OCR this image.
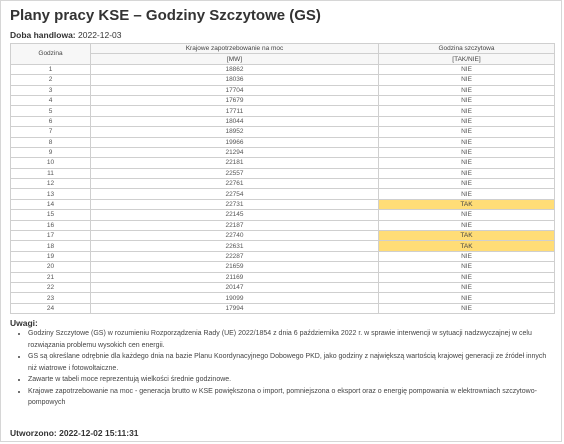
Plany pracy KSE – Godziny Szczytowe (GS)
Doba handlowa: 2022-12-03
Godzina	Krajowe zapotrzebowanie na moc	Godzina szczytowa
	[MW]	[TAK/NIE]
1	18862	NIE
2	18036	NIE
3	17704	NIE
4	17679	NIE
5	17711	NIE
6	18044	NIE
7	18952	NIE
8	19966	NIE
9	21294	NIE
10	22181	NIE
11	22557	NIE
12	22761	NIE
13	22754	NIE
14	22731	TAK
15	22145	NIE
16	22187	NIE
17	22740	TAK
18	22631	TAK
19	22287	NIE
20	21659	NIE
21	21169	NIE
22	20147	NIE
23	19099	NIE
24	17994	NIE
Uwagi:
• Godziny Szczytowe (GS) w rozumieniu Rozporządzenia Rady (UE) 2022/1854 z dnia 6 października 2022 r. w sprawie interwencji w sytuacji nadzwyczajnej w celu rozwiązania problemu wysokich cen energii.
• GS są określane odrębnie dla każdego dnia na bazie Planu Koordynacyjnego Dobowego PKD, jako godziny z największą wartością krajowej generacji ze źródeł innych niż wiatrowe i fotowoltaiczne.
• Zawarte w tabeli moce reprezentują wielkości średnie godzinowe.
• Krajowe zapotrzebowanie na moc - generacja brutto w KSE powiększona o import, pomniejszona o eksport oraz o energię pompowania w elektrowniach szczytowo-pompowych
Utworzono: 2022-12-02 15:11:31
